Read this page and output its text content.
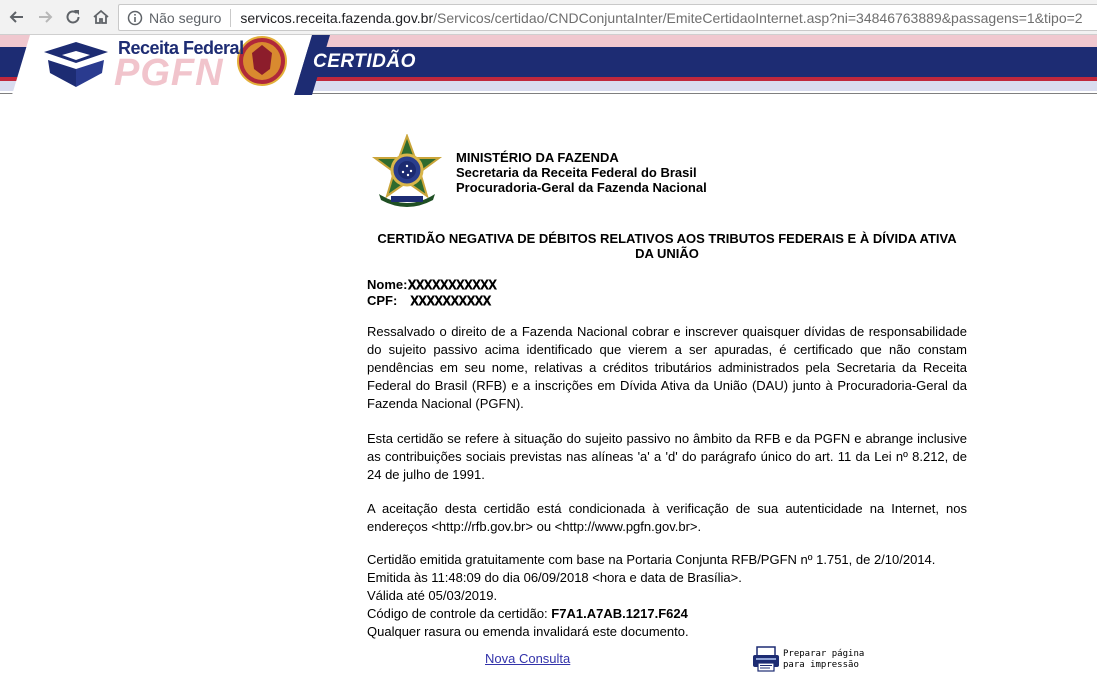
Não seguro servicos.receita.fazenda.gov.br /Servicos/certidao/CNDConjuntaInter/EmiteCertidaoInternet.asp?ni=34846763889&passagens=1&tipo=2
Receita Federal
PGFN	CERTIDÃO
MINISTÉRIO DA FAZENDA
Secretaria da Receita Federal do Brasil
Procuradoria-Geral da Fazenda Nacional
CERTIDÃO NEGATIVA DE DÉBITOS RELATIVOS AOS TRIBUTOS FEDERAIS E À DÍVIDA ATIVA
DA UNIÃO
Nome:XXXXXXXXXXX
CPF: XXXXXXXXXX
Ressalvado o direito de a Fazenda Nacional cobrar e inscrever quaisquer dívidas de responsabilidade do sujeito passivo acima identificado que vierem a ser apuradas, é certificado que não constam pendências em seu nome, relativas a créditos tributários administrados pela Secretaria da Receita Federal do Brasil (RFB) e a inscrições em Dívida Ativa da União (DAU) junto à Procuradoria-Geral da Fazenda Nacional (PGFN).
Esta certidão se refere à situação do sujeito passivo no âmbito da RFB e da PGFN e abrange inclusive as contribuições sociais previstas nas alíneas 'a' a 'd' do parágrafo único do art. 11 da Lei nº 8.212, de 24 de julho de 1991.
A aceitação desta certidão está condicionada à verificação de sua autenticidade na Internet, nos endereços <http://rfb.gov.br> ou <http://www.pgfn.gov.br>.
Certidão emitida gratuitamente com base na Portaria Conjunta RFB/PGFN nº 1.751, de 2/10/2014.
Emitida às 11:48:09 do dia 06/09/2018 <hora e data de Brasília>.
Válida até 05/03/2019.
Código de controle da certidão: F7A1.A7AB.1217.F624
Qualquer rasura ou emenda invalidará este documento.
Nova Consulta	Preparar página
para impressão
